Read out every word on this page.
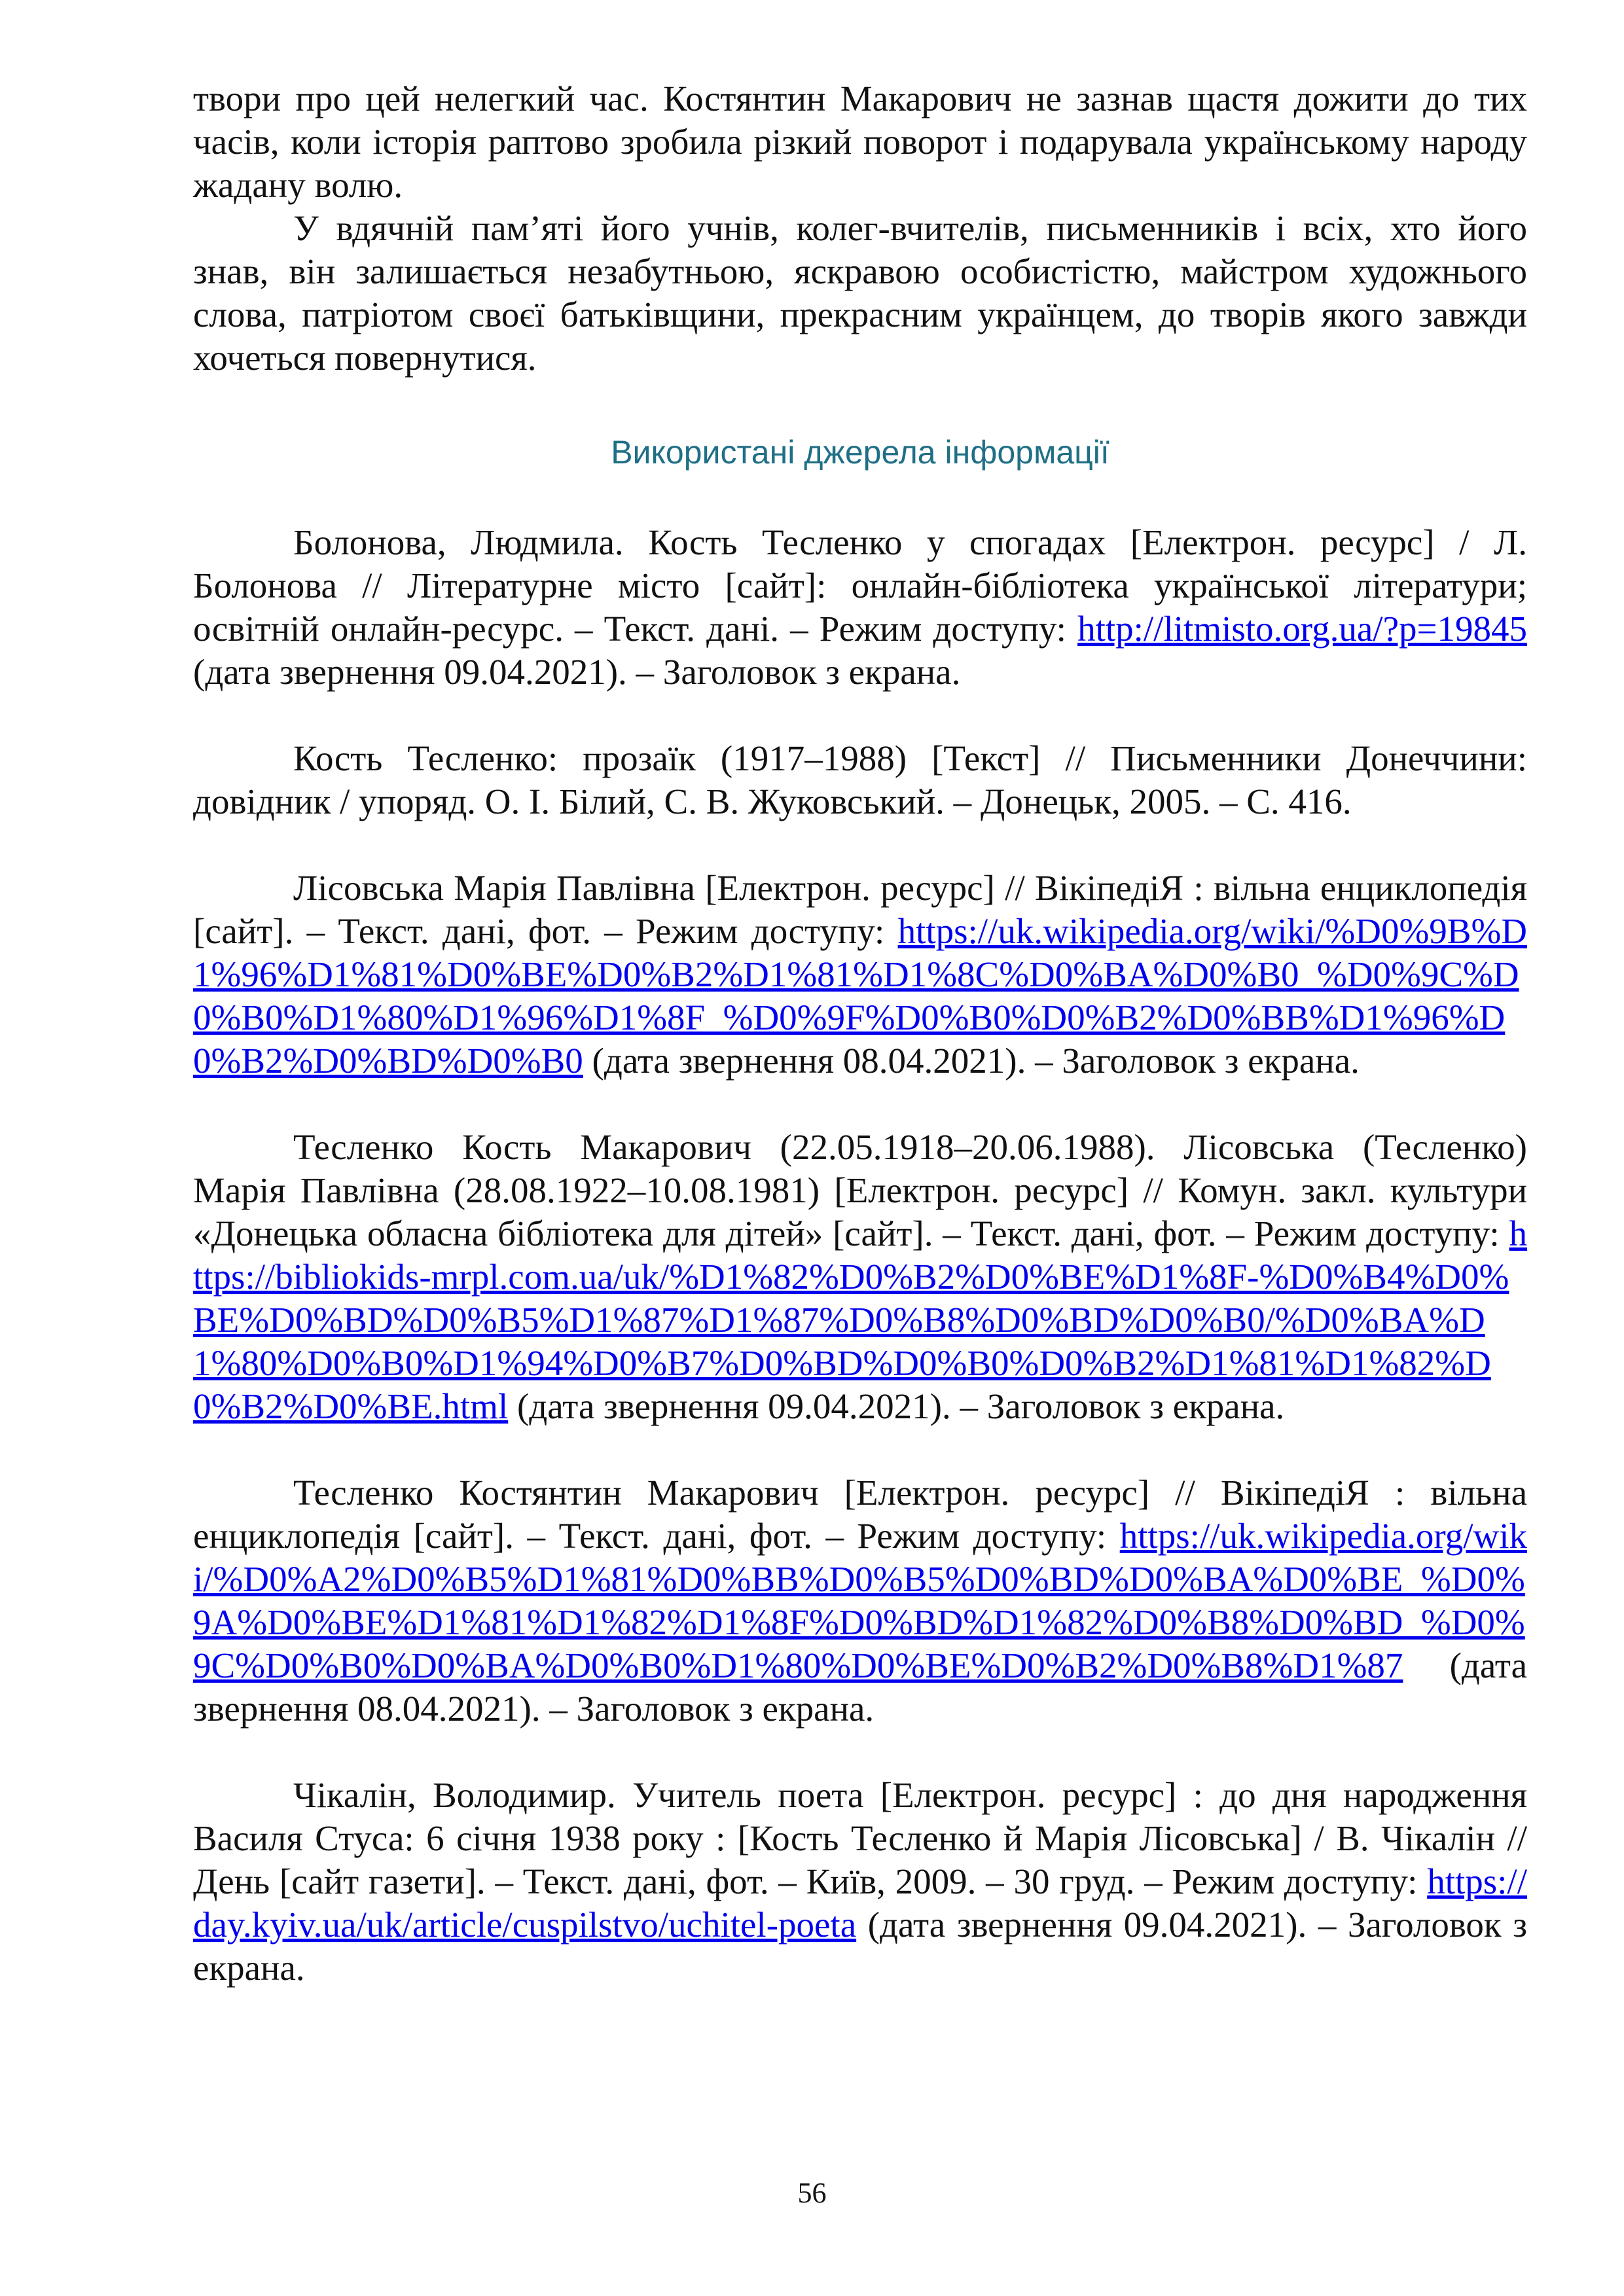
твори про цей нелегкий час. Костянтин Макарович не зазнав щастя дожити до тих часів, коли історія раптово зробила різкий поворот і подарувала українському народу жадану волю.

У вдячній пам’яті його учнів, колег-вчителів, письменників і всіх, хто його знав, він залишається незабутньою, яскравою особистістю, майстром художнього слова, патріотом своєї батьківщини, прекрасним українцем, до творів якого завжди хочеться повернутися.

Використані джерела інформації

Болонова, Людмила. Кость Тесленко у спогадах [Електрон. ресурс] / Л. Болонова // Літературне місто [сайт]: онлайн-бібліотека української літератури; освітній онлайн-ресурс. – Текст. дані. – Режим доступу: http://litmisto.org.ua/?p=19845 (дата звернення 09.04.2021). – Заголовок з екрана.

Кость Тесленко: прозаїк (1917–1988) [Текст] // Письменники Донеччини: довідник / упоряд. О. І. Білий, С. В. Жуковський. – Донецьк, 2005. – С. 416.

Лісовська Марія Павлівна [Електрон. ресурс] // ВікіпедіЯ : вільна енциклопедія [сайт]. – Текст. дані, фот. – Режим доступу: https://uk.wikipedia.org/wiki/%D0%9B%D1%96%D1%81%D0%BE%D0%B2%D1%81%D1%8C%D0%BA%D0%B0_%D0%9C%D0%B0%D1%80%D1%96%D1%8F_%D0%9F%D0%B0%D0%B2%D0%BB%D1%96%D0%B2%D0%BD%D0%B0 (дата звернення 08.04.2021). – Заголовок з екрана.

Тесленко Кость Макарович (22.05.1918–20.06.1988). Лісовська (Тесленко) Марія Павлівна (28.08.1922–10.08.1981) [Електрон. ресурс] // Комун. закл. культури «Донецька обласна бібліотека для дітей» [сайт]. – Текст. дані, фот. – Режим доступу: https://bibliokids-mrpl.com.ua/uk/%D1%82%D0%B2%D0%BE%D1%8F-%D0%B4%D0%BE%D0%BD%D0%B5%D1%87%D1%87%D0%B8%D0%BD%D0%B0/%D0%BA%D1%80%D0%B0%D1%94%D0%B7%D0%BD%D0%B0%D0%B2%D1%81%D1%82%D0%B2%D0%BE.html (дата звернення 09.04.2021). – Заголовок з екрана.

Тесленко Костянтин Макарович [Електрон. ресурс] // ВікіпедіЯ : вільна енциклопедія [сайт]. – Текст. дані, фот. – Режим доступу: https://uk.wikipedia.org/wiki/%D0%A2%D0%B5%D1%81%D0%BB%D0%B5%D0%BD%D0%BA%D0%BE_%D0%9A%D0%BE%D1%81%D1%82%D1%8F%D0%BD%D1%82%D0%B8%D0%BD_%D0%9C%D0%B0%D0%BA%D0%B0%D1%80%D0%BE%D0%B2%D0%B8%D1%87 (дата звернення 08.04.2021). – Заголовок з екрана.

Чікалін, Володимир. Учитель поета [Електрон. ресурс] : до дня народження Василя Стуса: 6 січня 1938 року : [Кость Тесленко й Марія Лісовська] / В. Чікалін // День [сайт газети]. – Текст. дані, фот. – Київ, 2009. – 30 груд. – Режим доступу: https://day.kyiv.ua/uk/article/cuspilstvo/uchitel-poeta (дата звернення 09.04.2021). – Заголовок з екрана.

56
